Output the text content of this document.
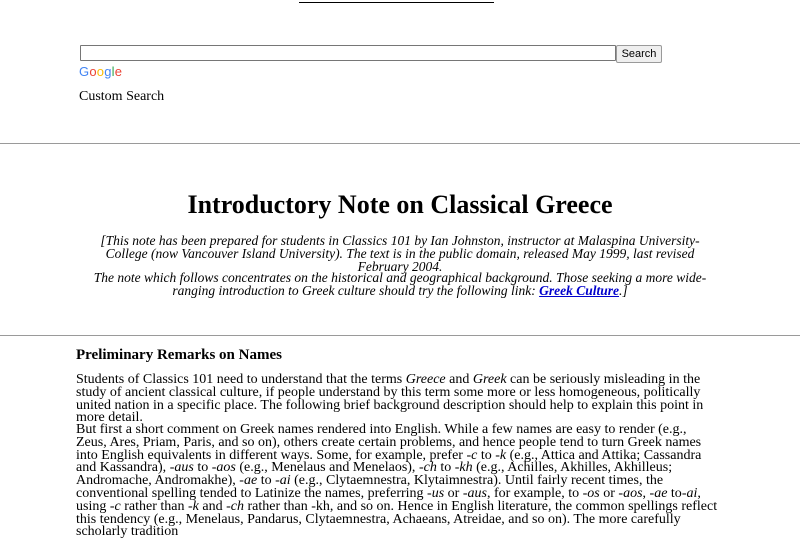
Search
Google
Custom Search
Introductory Note on Classical Greece

[This note has been prepared for students in Classics 101 by Ian Johnston, instructor at Malaspina University-College (now Vancouver Island University). The text is in the public domain, released May 1999, last revised February 2004.

The note which follows concentrates on the historical and geographical background. Those seeking a more wide-ranging introduction to Greek culture should try the following link: Greek Culture.]

Preliminary Remarks on Names

Students of Classics 101 need to understand that the terms Greece and Greek can be seriously misleading in the study of ancient classical culture, if people understand by this term some more or less homogeneous, politically united nation in a specific place. The following brief background description should help to explain this point in more detail.

But first a short comment on Greek names rendered into English. While a few names are easy to render (e.g., Zeus, Ares, Priam, Paris, and so on), others create certain problems, and hence people tend to turn Greek names into English equivalents in different ways. Some, for example, prefer -c to -k (e.g., Attica and Attika; Cassandra and Kassandra), -aus to -aos (e.g., Menelaus and Menelaos), -ch to -kh (e.g., Achilles, Akhilles, Akhilleus; Andromache, Andromakhe), -ae to -ai (e.g., Clytaemnestra, Klytaimnestra). Until fairly recent times, the conventional spelling tended to Latinize the names, preferring -us or -aus, for example, to -os or -aos, -ae to-ai, using -c rather than -k and -ch rather than -kh, and so on. Hence in English literature, the common spellings reflect this tendency (e.g., Menelaus, Pandarus, Clytaemnestra, Achaeans, Atreidae, and so on). The more carefully scholarly tradition
